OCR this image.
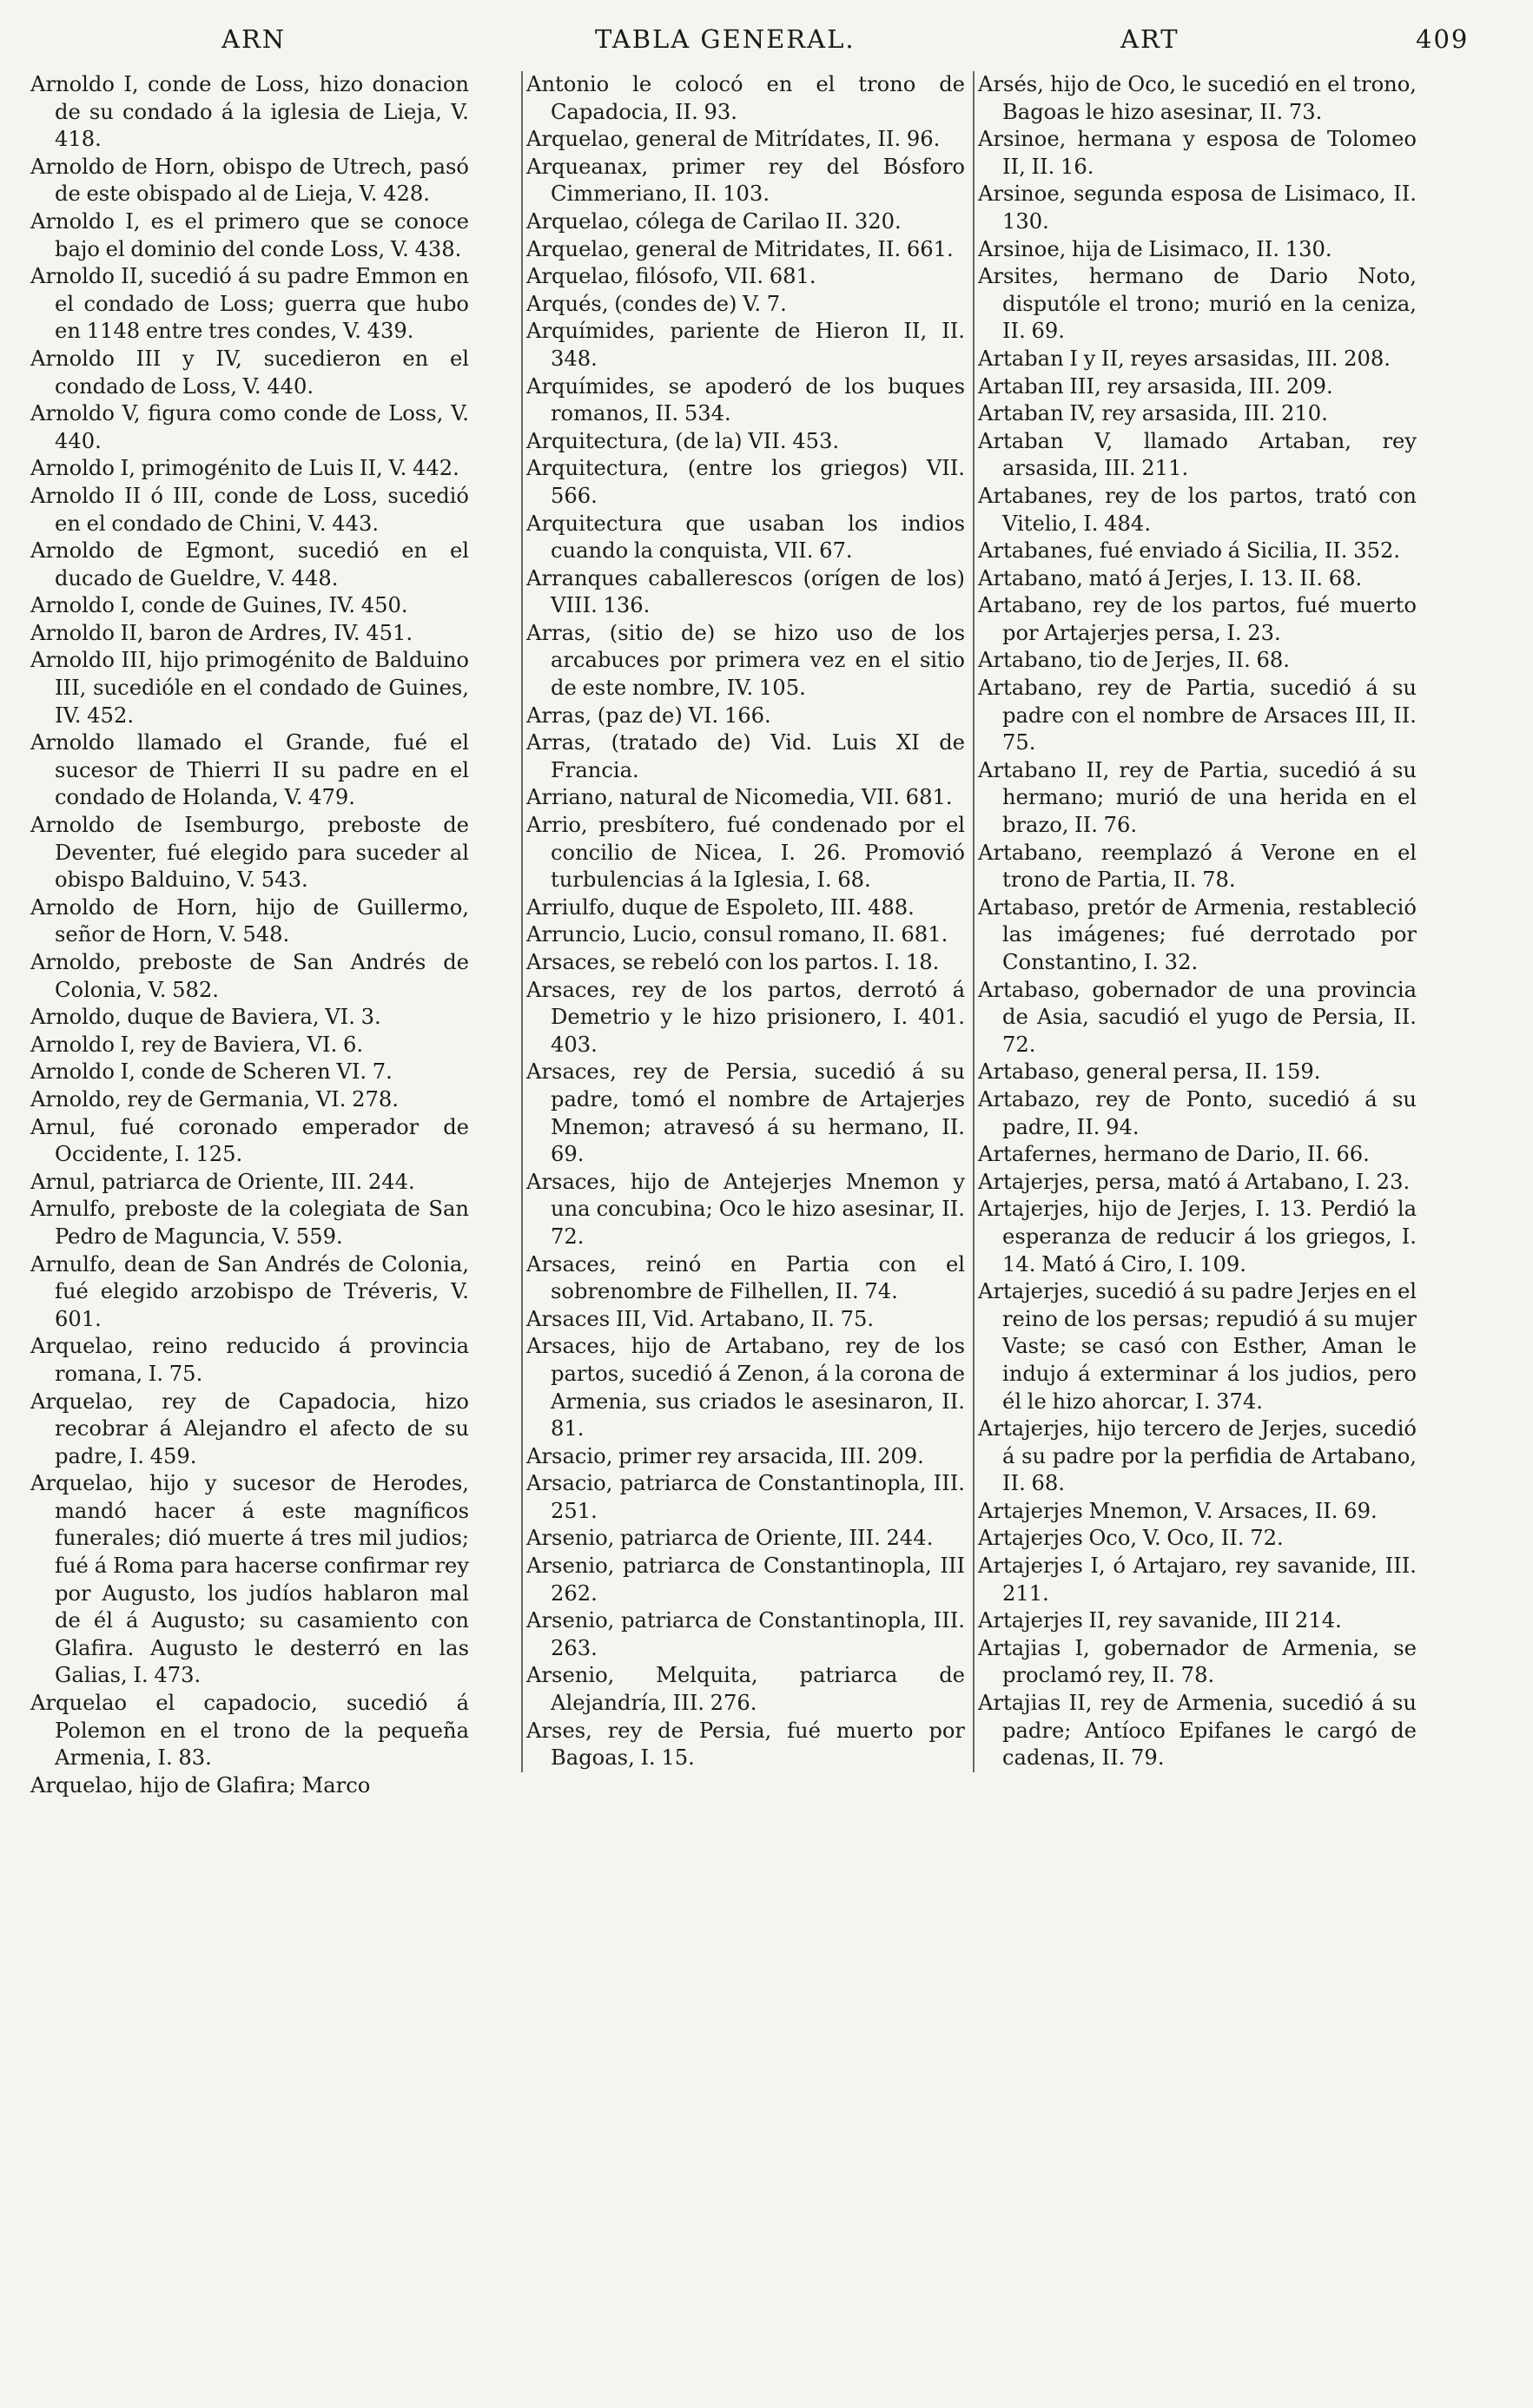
ARN	TABLA GENERAL.	ART	409

Arnoldo I, conde de Loss, hizo donacion de su condado á la iglesia de Lieja, V. 418.

Arnoldo de Horn, obispo de Utrech, pasó de este obispado al de Lieja, V. 428.

Arnoldo I, es el primero que se conoce bajo el dominio del conde Loss, V. 438.

Arnoldo II, sucedió á su padre Emmon en el condado de Loss; guerra que hubo en 1148 entre tres condes, V. 439.

Arnoldo III y IV, sucedieron en el condado de Loss, V. 440.

Arnoldo V, figura como conde de Loss, V. 440.

Arnoldo I, primogénito de Luis II, V. 442.

Arnoldo II ó III, conde de Loss, sucedió en el condado de Chini, V. 443.

Arnoldo de Egmont, sucedió en el ducado de Gueldre, V. 448.

Arnoldo I, conde de Guines, IV. 450.

Arnoldo II, baron de Ardres, IV. 451.

Arnoldo III, hijo primogénito de Balduino III, sucedióle en el condado de Guines, IV. 452.

Arnoldo llamado el Grande, fué el sucesor de Thierri II su padre en el condado de Holanda, V. 479.

Arnoldo de Isemburgo, preboste de Deventer, fué elegido para suceder al obispo Balduino, V. 543.

Arnoldo de Horn, hijo de Guillermo, señor de Horn, V. 548.

Arnoldo, preboste de San Andrés de Colonia, V. 582.

Arnoldo, duque de Baviera, VI. 3.

Arnoldo I, rey de Baviera, VI. 6.

Arnoldo I, conde de Scheren VI. 7.

Arnoldo, rey de Germania, VI. 278.

Arnul, fué coronado emperador de Occidente, I. 125.

Arnul, patriarca de Oriente, III. 244.

Arnulfo, preboste de la colegiata de San Pedro de Maguncia, V. 559.

Arnulfo, dean de San Andrés de Colonia, fué elegido arzobispo de Tréveris, V. 601.

Arquelao, reino reducido á provincia romana, I. 75.

Arquelao, rey de Capadocia, hizo recobrar á Alejandro el afecto de su padre, I. 459.

Arquelao, hijo y sucesor de Herodes, mandó hacer á este magníficos funerales; dió muerte á tres mil judios; fué á Roma para hacerse confirmar rey por Augusto, los judíos hablaron mal de él á Augusto; su casamiento con Glafira. Augusto le desterró en las Galias, I. 473.

Arquelao el capadocio, sucedió á Polemon en el trono de la pequeña Armenia, I. 83.

Arquelao, hijo de Glafira; Marco

Antonio le colocó en el trono de Capadocia, II. 93.

Arquelao, general de Mitrídates, II. 96.

Arqueanax, primer rey del Bósforo Cimmeriano, II. 103.

Arquelao, cólega de Carilao II. 320.

Arquelao, general de Mitridates, II. 661.

Arquelao, filósofo, VII. 681.

Arqués, (condes de) V. 7.

Arquímides, pariente de Hieron II, II. 348.

Arquímides, se apoderó de los buques romanos, II. 534.

Arquitectura, (de la) VII. 453.

Arquitectura, (entre los griegos) VII. 566.

Arquitectura que usaban los indios cuando la conquista, VII. 67.

Arranques caballerescos (orígen de los) VIII. 136.

Arras, (sitio de) se hizo uso de los arcabuces por primera vez en el sitio de este nombre, IV. 105.

Arras, (paz de) VI. 166.

Arras, (tratado de) Vid. Luis XI de Francia.

Arriano, natural de Nicomedia, VII. 681.

Arrio, presbítero, fué condenado por el concilio de Nicea, I. 26. Promovió turbulencias á la Iglesia, I. 68.

Arriulfo, duque de Espoleto, III. 488.

Arruncio, Lucio, consul romano, II. 681.

Arsaces, se rebeló con los partos. I. 18.

Arsaces, rey de los partos, derrotó á Demetrio y le hizo prisionero, I. 401. 403.

Arsaces, rey de Persia, sucedió á su padre, tomó el nombre de Artajerjes Mnemon; atravesó á su hermano, II. 69.

Arsaces, hijo de Antejerjes Mnemon y una concubina; Oco le hizo asesinar, II. 72.

Arsaces, reinó en Partia con el sobrenombre de Filhellen, II. 74.

Arsaces III, Vid. Artabano, II. 75.

Arsaces, hijo de Artabano, rey de los partos, sucedió á Zenon, á la corona de Armenia, sus criados le asesinaron, II. 81.

Arsacio, primer rey arsacida, III. 209.

Arsacio, patriarca de Constantinopla, III. 251.

Arsenio, patriarca de Oriente, III. 244.

Arsenio, patriarca de Constantinopla, III 262.

Arsenio, patriarca de Constantinopla, III. 263.

Arsenio, Melquita, patriarca de Alejandría, III. 276.

Arses, rey de Persia, fué muerto por Bagoas, I. 15.

Arsés, hijo de Oco, le sucedió en el trono, Bagoas le hizo asesinar, II. 73.

Arsinoe, hermana y esposa de Tolomeo II, II. 16.

Arsinoe, segunda esposa de Lisimaco, II. 130.

Arsinoe, hija de Lisimaco, II. 130.

Arsites, hermano de Dario Noto, disputóle el trono; murió en la ceniza, II. 69.

Artaban I y II, reyes arsasidas, III. 208.

Artaban III, rey arsasida, III. 209.

Artaban IV, rey arsasida, III. 210.

Artaban V, llamado Artaban, rey arsasida, III. 211.

Artabanes, rey de los partos, trató con Vitelio, I. 484.

Artabanes, fué enviado á Sicilia, II. 352.

Artabano, mató á Jerjes, I. 13. II. 68.

Artabano, rey de los partos, fué muerto por Artajerjes persa, I. 23.

Artabano, tio de Jerjes, II. 68.

Artabano, rey de Partia, sucedió á su padre con el nombre de Arsaces III, II. 75.

Artabano II, rey de Partia, sucedió á su hermano; murió de una herida en el brazo, II. 76.

Artabano, reemplazó á Verone en el trono de Partia, II. 78.

Artabaso, pretór de Armenia, restableció las imágenes; fué derrotado por Constantino, I. 32.

Artabaso, gobernador de una provincia de Asia, sacudió el yugo de Persia, II. 72.

Artabaso, general persa, II. 159.

Artabazo, rey de Ponto, sucedió á su padre, II. 94.

Artafernes, hermano de Dario, II. 66.

Artajerjes, persa, mató á Artabano, I. 23.

Artajerjes, hijo de Jerjes, I. 13. Perdió la esperanza de reducir á los griegos, I. 14. Mató á Ciro, I. 109.

Artajerjes, sucedió á su padre Jerjes en el reino de los persas; repudió á su mujer Vaste; se casó con Esther, Aman le indujo á exterminar á los judios, pero él le hizo ahorcar, I. 374.

Artajerjes, hijo tercero de Jerjes, sucedió á su padre por la perfidia de Artabano, II. 68.

Artajerjes Mnemon, V. Arsaces, II. 69.

Artajerjes Oco, V. Oco, II. 72.

Artajerjes I, ó Artajaro, rey savanide, III. 211.

Artajerjes II, rey savanide, III 214.

Artajias I, gobernador de Armenia, se proclamó rey, II. 78.

Artajias II, rey de Armenia, sucedió á su padre; Antíoco Epifanes le cargó de cadenas, II. 79.
